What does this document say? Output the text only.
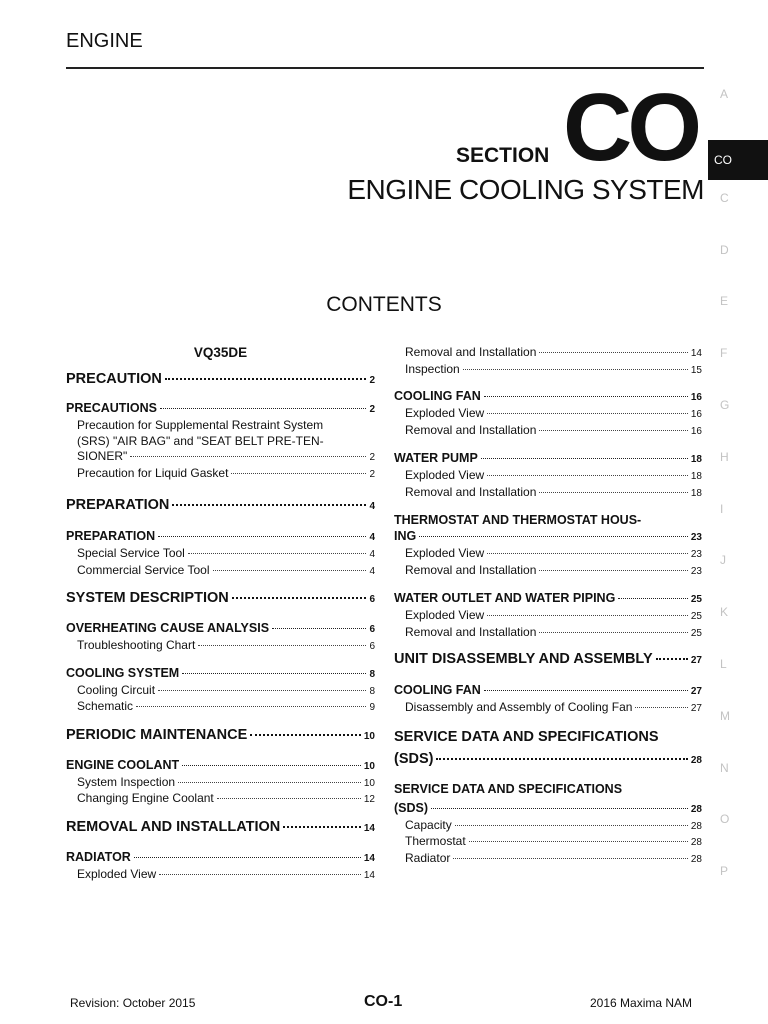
ENGINE
SECTION CO
ENGINE COOLING SYSTEM
CONTENTS
A
CO
C
D
E
F
G
H
I
J
K
L
M
N
O
P
VQ35DE
PRECAUTION	2
PRECAUTIONS	2
Precaution for Supplemental Restraint System
(SRS) "AIR BAG" and "SEAT BELT PRE-TEN-
SIONER"	2
Precaution for Liquid Gasket	2
PREPARATION	4
PREPARATION	4
Special Service Tool	4
Commercial Service Tool	4
SYSTEM DESCRIPTION	6
OVERHEATING CAUSE ANALYSIS	6
Troubleshooting Chart	6
COOLING SYSTEM	8
Cooling Circuit	8
Schematic	9
PERIODIC MAINTENANCE	10
ENGINE COOLANT	10
System Inspection	10
Changing Engine Coolant	12
REMOVAL AND INSTALLATION	14
RADIATOR	14
Exploded View	14
Removal and Installation	14
Inspection	15
COOLING FAN	16
Exploded View	16
Removal and Installation	16
WATER PUMP	18
Exploded View	18
Removal and Installation	18
THERMOSTAT AND THERMOSTAT HOUS-
ING	23
Exploded View	23
Removal and Installation	23
WATER OUTLET AND WATER PIPING	25
Exploded View	25
Removal and Installation	25
UNIT DISASSEMBLY AND ASSEMBLY	27
COOLING FAN	27
Disassembly and Assembly of Cooling Fan	27
SERVICE DATA AND SPECIFICATIONS
(SDS)	28
SERVICE DATA AND SPECIFICATIONS
(SDS)	28
Capacity	28
Thermostat	28
Radiator	28
Revision: October 2015	CO-1	2016 Maxima NAM
